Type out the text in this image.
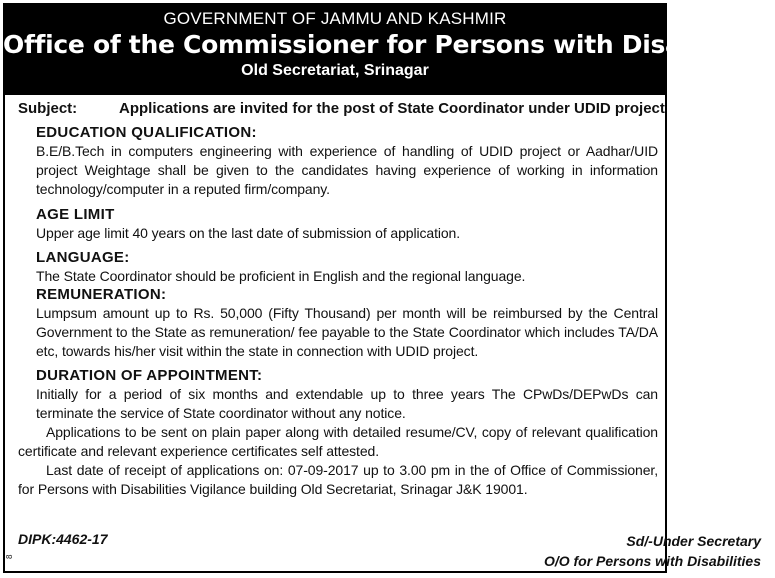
GOVERNMENT OF JAMMU AND KASHMIR
Office of the Commissioner for Persons with Disabilities
Old Secretariat, Srinagar
Subject:	Applications are invited for the post of State Coordinator under UDID project
EDUCATION QUALIFICATION:
B.E/B.Tech in computers engineering with experience of handling of UDID project or Aadhar/UID project Weightage shall be given to the candidates having experience of working in information technology/computer in a reputed firm/company.
AGE LIMIT
Upper age limit 40 years on the last date of submission of application.
LANGUAGE:
The State Coordinator should be proficient in English and the regional language.
REMUNERATION:
Lumpsum amount up to Rs. 50,000 (Fifty Thousand) per month will be reimbursed by the Central Government to the State as remuneration/ fee payable to the State Coordinator which includes TA/DA etc, towards his/her visit within the state in connection with UDID project.
DURATION OF APPOINTMENT:
Initially for a period of six months and extendable up to three years The CPwDs/DEPwDs can terminate the service of State coordinator without any notice.
Applications to be sent on plain paper along with detailed resume/CV, copy of relevant qualification certificate and relevant experience certificates self attested.
Last date of receipt of applications on: 07-09-2017 up to 3.00 pm in the of Office of Commissioner, for Persons with Disabilities Vigilance building Old Secretariat, Srinagar J&K 19001.
DIPK:4462-17	Sd/-Under Secretary
O/O for Persons with Disabilities
8
